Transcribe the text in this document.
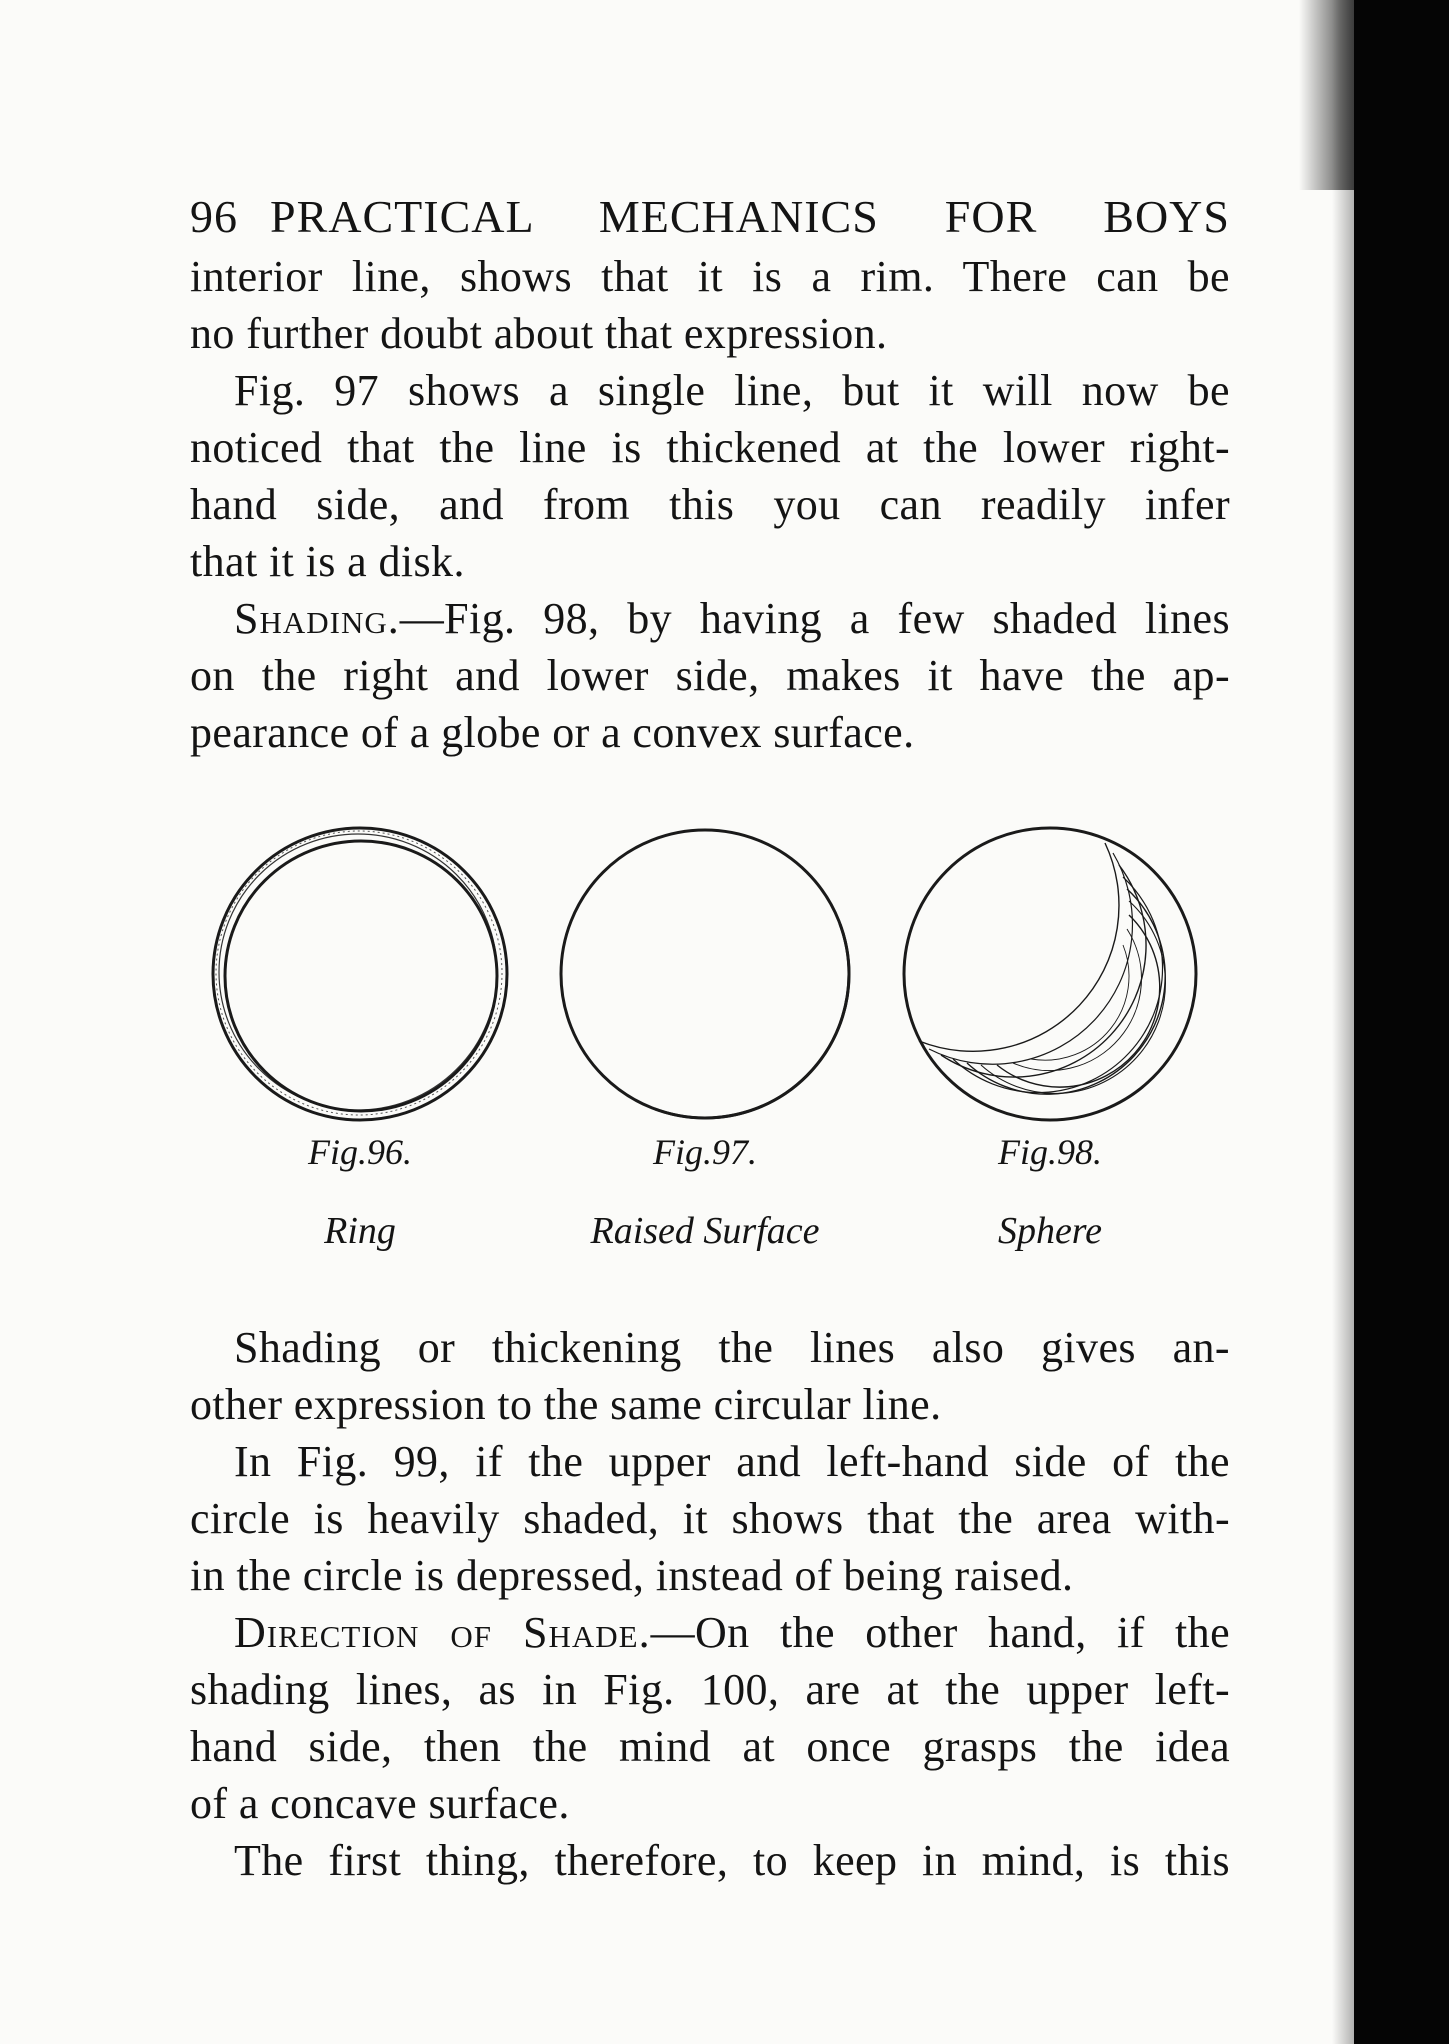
96 PRACTICAL MECHANICS FOR BOYS

interior line, shows that it is a rim. There can be
no further doubt about that expression.

Fig. 97 shows a single line, but it will now be
noticed that the line is thickened at the lower right-
hand side, and from this you can readily infer
that it is a disk.

Shading.—Fig. 98, by having a few shaded lines
on the right and lower side, makes it have the ap-
pearance of a globe or a convex surface.

Fig.96.
Ring
Fig.97.
Raised Surface
Fig.98.
Sphere

Shading or thickening the lines also gives an-
other expression to the same circular line.

In Fig. 99, if the upper and left-hand side of the
circle is heavily shaded, it shows that the area with-
in the circle is depressed, instead of being raised.

Direction of Shade.—On the other hand, if the
shading lines, as in Fig. 100, are at the upper left-
hand side, then the mind at once grasps the idea
of a concave surface.

The first thing, therefore, to keep in mind, is this
